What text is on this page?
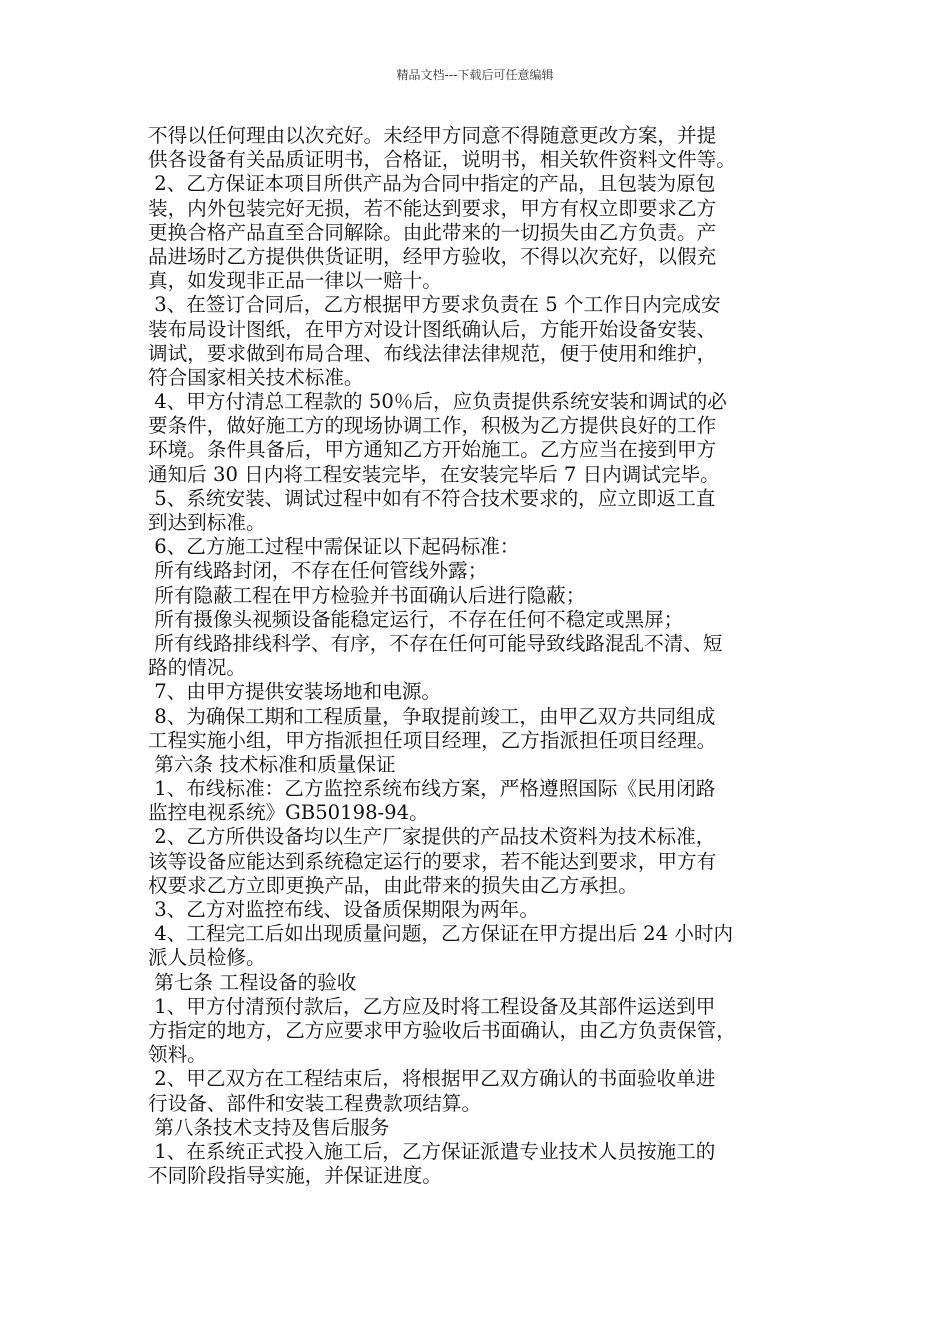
精品文档---下载后可任意编辑
不得以任何理由以次充好。未经甲方同意不得随意更改方案，并提
供各设备有关品质证明书，合格证，说明书，相关软件资料文件等。
2、乙方保证本项目所供产品为合同中指定的产品，且包装为原包
装，内外包装完好无损，若不能达到要求，甲方有权立即要求乙方
更换合格产品直至合同解除。由此带来的一切损失由乙方负责。产
品进场时乙方提供供货证明，经甲方验收，不得以次充好，以假充
真，如发现非正品一律以一赔十。
3、在签订合同后，乙方根据甲方要求负责在 5 个工作日内完成安
装布局设计图纸，在甲方对设计图纸确认后，方能开始设备安装、
调试，要求做到布局合理、布线法律法律规范，便于使用和维护，
符合国家相关技术标准。
4、甲方付清总工程款的 50％后，应负责提供系统安装和调试的必
要条件，做好施工方的现场协调工作，积极为乙方提供良好的工作
环境。条件具备后，甲方通知乙方开始施工。乙方应当在接到甲方
通知后 30 日内将工程安装完毕，在安装完毕后 7 日内调试完毕。
5、系统安装、调试过程中如有不符合技术要求的，应立即返工直
到达到标准。
6、乙方施工过程中需保证以下起码标准：
所有线路封闭，不存在任何管线外露；
所有隐蔽工程在甲方检验并书面确认后进行隐蔽；
所有摄像头视频设备能稳定运行，不存在任何不稳定或黑屏；
所有线路排线科学、有序，不存在任何可能导致线路混乱不清、短
路的情况。
7、由甲方提供安装场地和电源。
8、为确保工期和工程质量，争取提前竣工，由甲乙双方共同组成
工程实施小组，甲方指派担任项目经理，乙方指派担任项目经理。
第六条 技术标准和质量保证
1、布线标准：乙方监控系统布线方案，严格遵照国际《民用闭路
监控电视系统》GB50198-94。
2、乙方所供设备均以生产厂家提供的产品技术资料为技术标准，
该等设备应能达到系统稳定运行的要求，若不能达到要求，甲方有
权要求乙方立即更换产品，由此带来的损失由乙方承担。
3、乙方对监控布线、设备质保期限为两年。
4、工程完工后如出现质量问题，乙方保证在甲方提出后 24 小时内
派人员检修。
第七条 工程设备的验收
1、甲方付清预付款后，乙方应及时将工程设备及其部件运送到甲
方指定的地方，乙方应要求甲方验收后书面确认，由乙方负责保管，
领料。
2、甲乙双方在工程结束后，将根据甲乙双方确认的书面验收单进
行设备、部件和安装工程费款项结算。
第八条技术支持及售后服务
1、在系统正式投入施工后，乙方保证派遣专业技术人员按施工的
不同阶段指导实施，并保证进度。
